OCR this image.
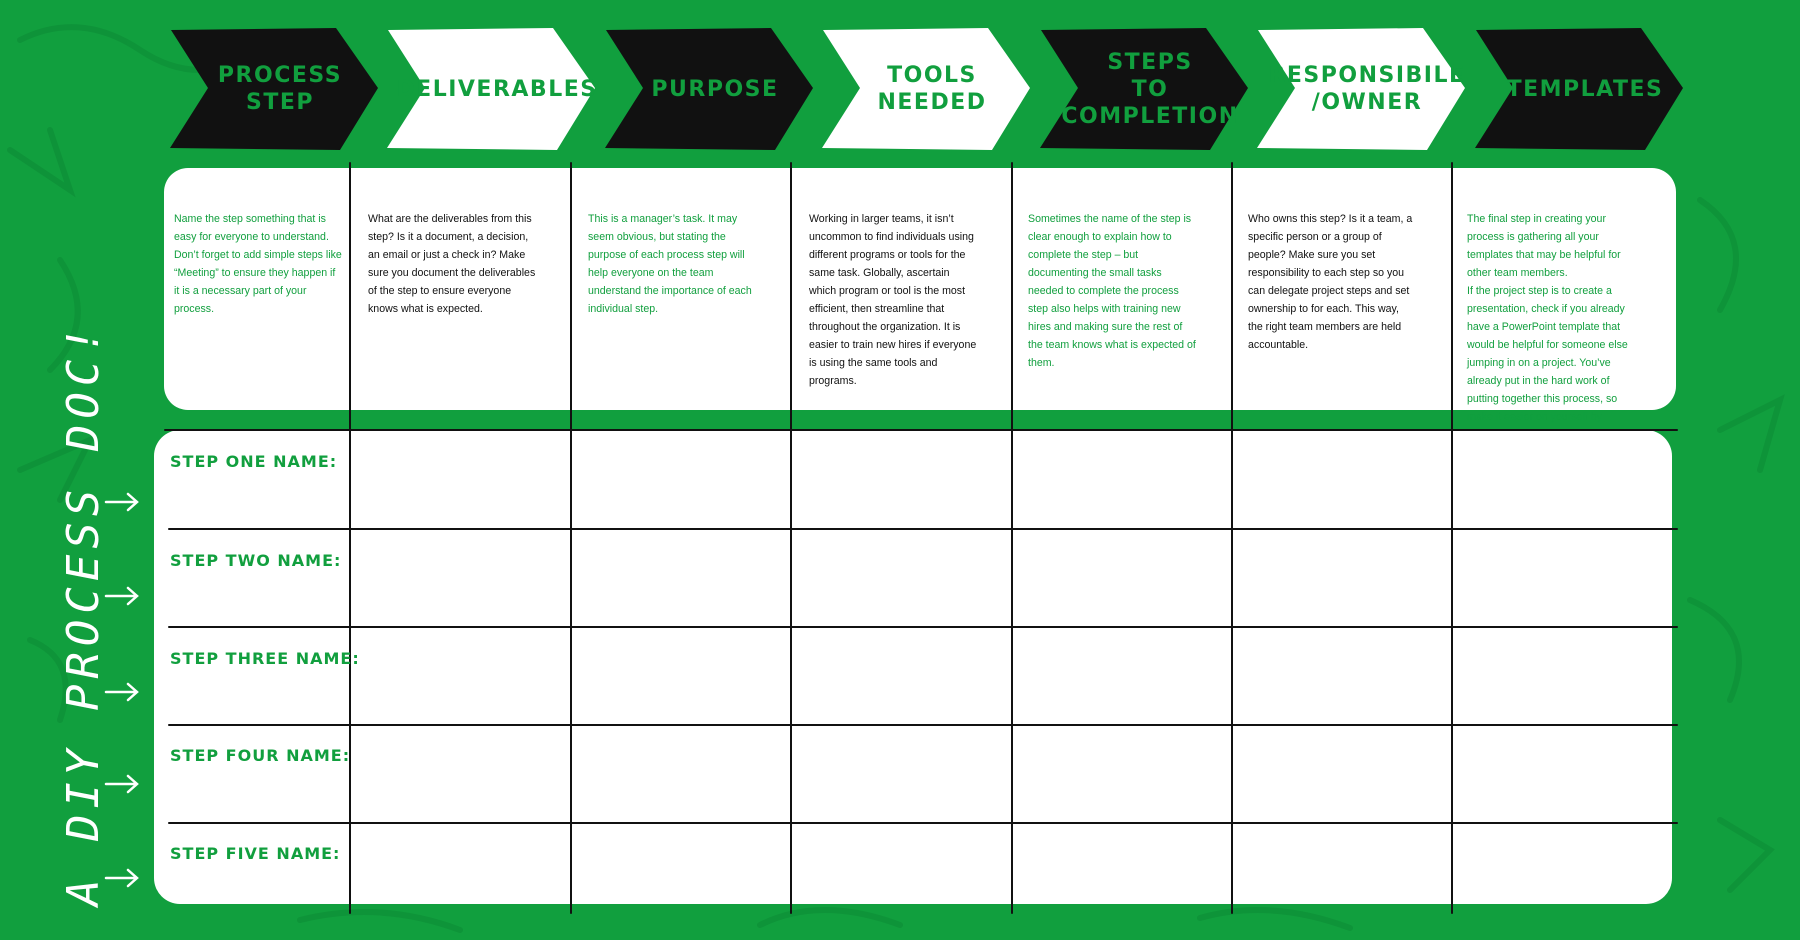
PROCESS
STEP
DELIVERABLES	PURPOSE
TOOLS
NEEDED
STEPS
TO
COMPLETION
RESPONSIBILE
/OWNER
TEMPLATES
Name the step something that is easy for everyone to understand. Don’t forget to add simple steps like “Meeting” to ensure they happen if it is a necessary part of your process.
What are the deliverables from this step? Is it a document, a decision, an email or just a check in? Make sure you document the deliverables of the step to ensure everyone knows what is expected.
This is a manager’s task. It may seem obvious, but stating the purpose of each process step will help everyone on the team understand the importance of each individual step.
Working in larger teams, it isn’t uncommon to find individuals using different programs or tools for the same task. Globally, ascertain which program or tool is the most efficient, then streamline that throughout the organization. It is easier to train new hires if everyone is using the same tools and programs.
Sometimes the name of the step is clear enough to explain how to complete the step – but documenting the small tasks needed to complete the process step also helps with training new hires and making sure the rest of the team knows what is expected of them.
Who owns this step? Is it a team, a specific person or a group of people? Make sure you set responsibility to each step so you can delegate project steps and set ownership to for each. This way, the right team members are held accountable.
The final step in creating your process is gathering all your templates that may be helpful for other team members.
If the project step is to create a presentation, check if you already have a PowerPoint template that would be helpful for someone else jumping in on a project. You’ve already put in the hard work of putting together this process, so make it easier on yourself by
STEP ONE NAME:
STEP TWO NAME:
STEP THREE NAME:
STEP FOUR NAME:
STEP FIVE NAME:
A DIY PROCESS DOC!
